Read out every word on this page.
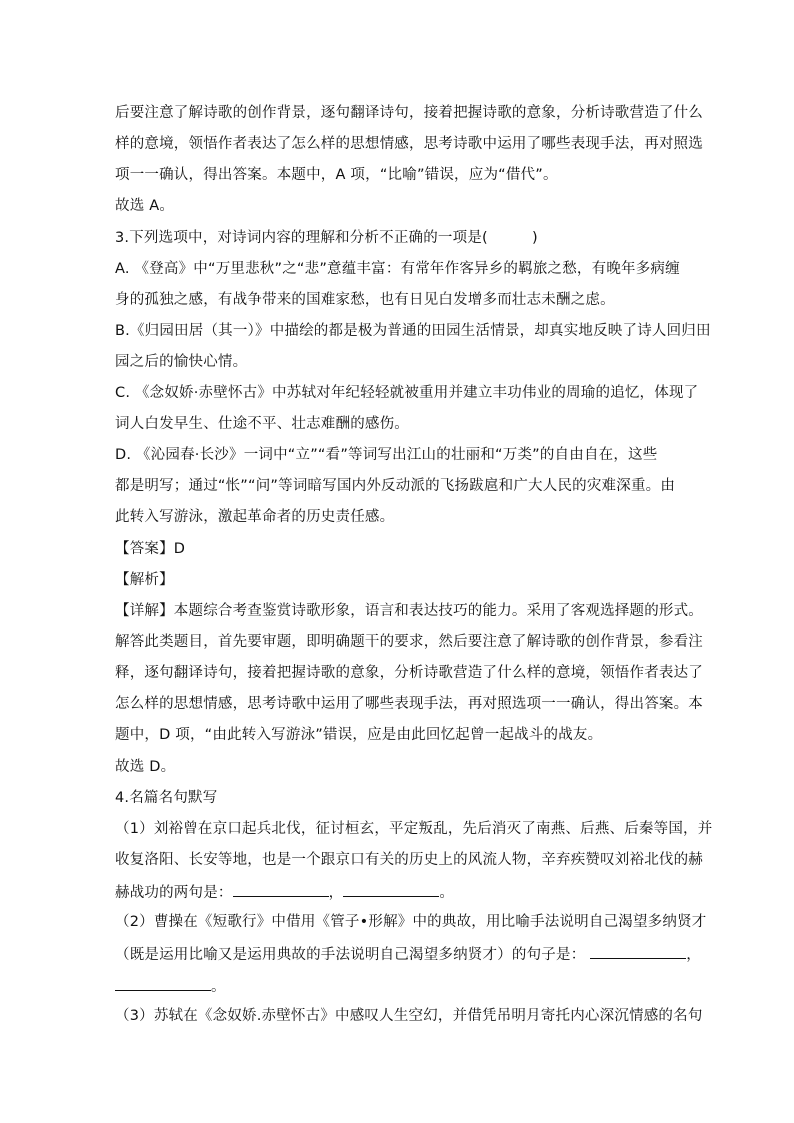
后要注意了解诗歌的创作背景，逐句翻译诗句，接着把握诗歌的意象，分析诗歌营造了什么
样的意境，领悟作者表达了怎么样的思想情感，思考诗歌中运用了哪些表现手法，再对照选
项一一确认，得出答案。本题中，A 项，“比喻”错误，应为“借代”。
故选 A。
3.下列选项中，对诗词内容的理解和分析不正确的一项是(　　　)
A. 《登高》中“万里悲秋”之“悲”意蕴丰富：有常年作客异乡的羁旅之愁，有晚年多病缠
身的孤独之感，有战争带来的国难家愁，也有日见白发增多而壮志未酬之虑。
B.《归园田居（其一）》中描绘的都是极为普通的田园生活情景，却真实地反映了诗人回归田
园之后的愉快心情。
C. 《念奴娇·赤壁怀古》中苏轼对年纪轻轻就被重用并建立丰功伟业的周瑜的追忆，体现了
词人白发早生、仕途不平、壮志难酬的感伤。
D. 《沁园春·长沙》一词中“立”“看”等词写出江山的壮丽和“万类”的自由自在，这些
都是明写；通过“怅”“问”等词暗写国内外反动派的飞扬跋扈和广大人民的灾难深重。由
此转入写游泳，激起革命者的历史责任感。
【答案】D
【解析】
【详解】本题综合考查鉴赏诗歌形象，语言和表达技巧的能力。采用了客观选择题的形式。
解答此类题目，首先要审题，即明确题干的要求，然后要注意了解诗歌的创作背景，参看注
释，逐句翻译诗句，接着把握诗歌的意象，分析诗歌营造了什么样的意境，领悟作者表达了
怎么样的思想情感，思考诗歌中运用了哪些表现手法，再对照选项一一确认，得出答案。本
题中，D 项，“由此转入写游泳”错误，应是由此回忆起曾一起战斗的战友。
故选 D。
4.名篇名句默写
（1）刘裕曾在京口起兵北伐，征讨桓玄，平定叛乱，先后消灭了南燕、后燕、后秦等国，并
收复洛阳、长安等地，也是一个跟京口有关的历史上的风流人物，辛弃疾赞叹刘裕北伐的赫
赫战功的两句是：	，	。
（2）曹操在《短歌行》中借用《管子•形解》中的典故，用比喻手法说明自己渴望多纳贤才
（既是运用比喻又是运用典故的手法说明自己渴望多纳贤才）的句子是：	，
。
（3）苏轼在《念奴娇.赤壁怀古》中感叹人生空幻，并借凭吊明月寄托内心深沉情感的名句
